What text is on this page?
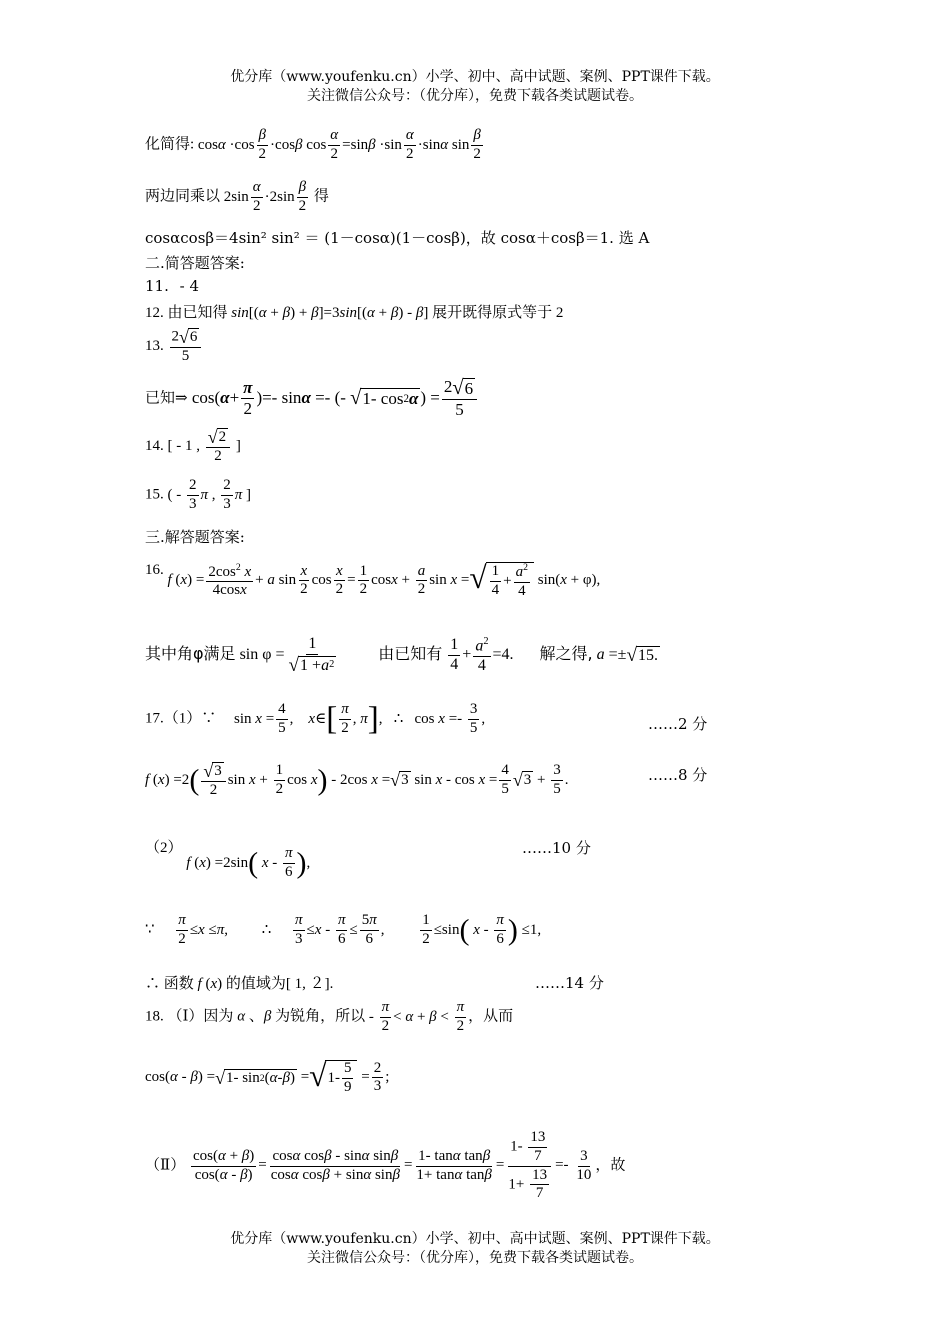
优分库（www.youfenku.cn）小学、初中、高中试题、案例、PPT课件下载。
关注微信公众号：（优分库），免费下载各类试题试卷。
化简得: $\cos\alpha \cdot\cos \frac{\beta}{2} \cdot\cos\beta$ $\cos \frac{\alpha}{2} =\sin\beta \cdot\sin \frac{\alpha}{2} \cdot\sin\alpha$ $\sin \frac{\beta}{2}$
两边同乘以 $2\sin \frac{\alpha}{2} \cdot 2\sin \frac{\beta}{2}$ 得
cosαcosβ＝4sin² sin² ＝ (1－cosα)(1－cosβ)，故 cosα＋cosβ＝1. 选 A
二.简答题答案:
11. - 4
12. 由已知得 sin[(α + β) + β]=3sin[(α + β) - β] 展开既得原式等于 2
13. $\frac{2 √ 6}{5}$
已知⇒ $\cos(\alpha+ \frac{\pi}{2}$ )=- sinα =- (- √ 1- cos 2 α ) = $\frac{2 √ 6}{5}$
14. [ - 1 , $\frac{√ 2}{2}$ ]
15. ( - $\frac{2}{3}$ π , $\frac{2}{3}$ π ]
三.解答题答案:
16. f $(x) = \frac{2\cos^2 x}{4\cos x} + a$ $\sin \frac{x}{2}$ $\cos \frac{x}{2} = \frac{1}{2}$ $\cos x + \frac{a}{2}$ sin x = √ $\frac{1}{4} + \frac{a^2}{4} \sin(x + \varphi)$,
其中角φ满足 $\sin \varphi = \frac{1}{√ 1 + a 2}$	由已知有 $\frac{1}{4} + \frac{a^2}{4} =4$. 解之得, a =± √ 15.
17.（1）∵ $\sin x = \frac{4}{5}$ ,    x∈[ $\frac{\pi}{2}$ , π],   ∴   $\cos x =- \frac{3}{5}$ ,	……2 分
f $(x) =2( \frac{√ 3}{2}$ $\sin x + \frac{1}{2}$ cos x) - 2cos x = √ 3 $\sin x - \cos x = \frac{4}{5}$ √ $3 + \frac{3}{5}$ .	……8 分
（2） f (x) =2sin( x - $\frac{\pi}{6}$ ),
……10 分
∵ $\frac{\pi}{2} \le x \le\pi$, ∴ $\frac{\pi}{3} \le x - \frac{\pi}{6} \le \frac{5\pi}{6}$ , $\frac{1}{2} \le\sin$( x - $\frac{\pi}{6}$ ) ≤1,
∴ 函数 f (x) 的值域为[ 1, ２].	……14 分
18. （Ⅰ）因为 α 、β 为锐角，所以 - $\frac{\pi}{2} < \alpha + \beta < \frac{\pi}{2}$ ，从而
cos(α - β) = √ 1- sin 2 ( α - β ) = √ $1- \frac{5}{9} = \frac{2}{3}$ ;
（Ⅱ） $\frac{\cos(\alpha + \beta)}{\cos(\alpha - \beta)} = \frac{\text{cosα cosβ - sinα sinβ}}{\text{cosα cosβ + sinα sinβ}} = \frac{\text{1- tanα tanβ}}{\text{1+ tanα tanβ}} = \frac{1- \frac{13}{7}}{1+ \frac{13}{7}} =- \frac{3}{10}$ ，故
优分库（www.youfenku.cn）小学、初中、高中试题、案例、PPT课件下载。
关注微信公众号：（优分库），免费下载各类试题试卷。
